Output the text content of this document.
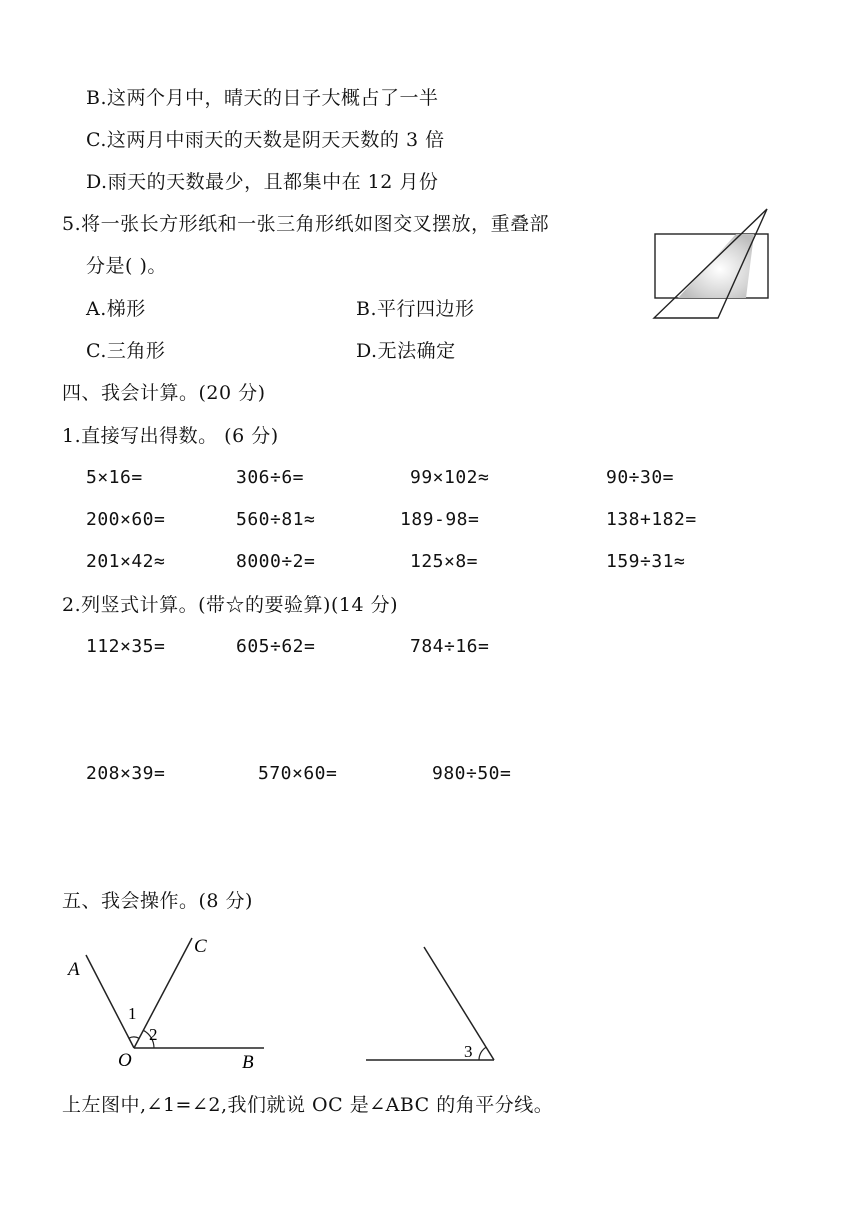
B.这两个月中，晴天的日子大概占了一半
C.这两月中雨天的天数是阴天天数的 3 倍
D.雨天的天数最少，且都集中在 12 月份
5.将一张长方形纸和一张三角形纸如图交叉摆放，重叠部
分是( )。
A.梯形	B.平行四边形
C.三角形	D.无法确定
四、我会计算。(20 分)
1.直接写出得数。 (6 分)
5×16=	306÷6=	99×102≈	90÷30=
200×60=	560÷81≈	189-98=	138+182=
201×42≈	8000÷2=	125×8=	159÷31≈
2.列竖式计算。(带☆的要验算)(14 分)
112×35=	605÷62=	784÷16=
208×39=	570×60=	980÷50=
五、我会操作。(8 分)
A
C
O	B
1
2
3
上左图中,∠1=∠2,我们就说 OC 是∠ABC 的角平分线。
